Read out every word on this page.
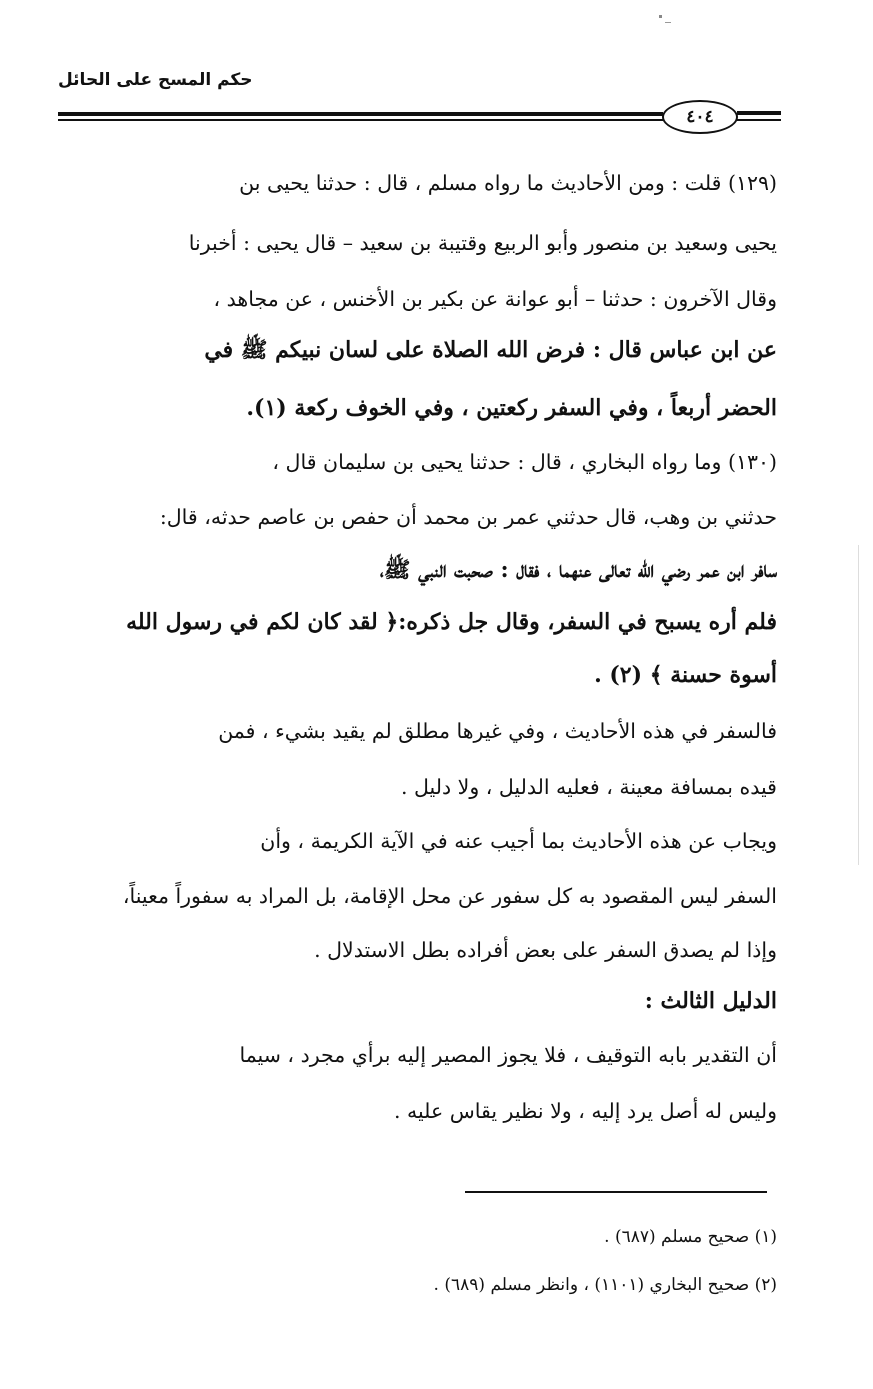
حكم المسح على الحائل
٤٠٤
(١٢٩) قلت : ومن الأحاديث ما رواه مسلم ، قال : حدثنا يحيى بن
يحيى وسعيد بن منصور وأبو الربيع وقتيبة بن سعيد – قال يحيى : أخبرنا
وقال الآخرون : حدثنا – أبو عوانة عن بكير بن الأخنس ، عن مجاهد ،
عن ابن عباس قال : فرض الله الصلاة على لسان نبيكم ﷺ في
الحضر أربعاً ، وفي السفر ركعتين ، وفي الخوف ركعة (١).
(١٣٠) وما رواه البخاري ، قال : حدثنا يحيى بن سليمان قال ،
حدثني بن وهب، قال حدثني عمر بن محمد أن حفص بن عاصم حدثه، قال:
سافر ابن عمر رضي الله تعالى عنهما ، فقال : صحبت النبي ﷺ،
فلم أره يسبح في السفر، وقال جل ذكره:﴿ لقد كان لكم في رسول الله
أسوة حسنة ﴾ (٢) .
فالسفر في هذه الأحاديث ، وفي غيرها مطلق لم يقيد بشيء ، فمن
قيده بمسافة معينة ، فعليه الدليل ، ولا دليل .
ويجاب عن هذه الأحاديث بما أجيب عنه في الآية الكريمة ، وأن
السفر ليس المقصود به كل سفور عن محل الإقامة، بل المراد به سفوراً معيناً،
وإذا لم يصدق السفر على بعض أفراده بطل الاستدلال .
الدليل الثالث :
أن التقدير بابه التوقيف ، فلا يجوز المصير إليه برأي مجرد ، سيما
وليس له أصل يرد إليه ، ولا نظير يقاس عليه .
(١) صحيح مسلم (٦٨٧) .
(٢) صحيح البخاري (١١٠١) ، وانظر مسلم (٦٨٩) .
